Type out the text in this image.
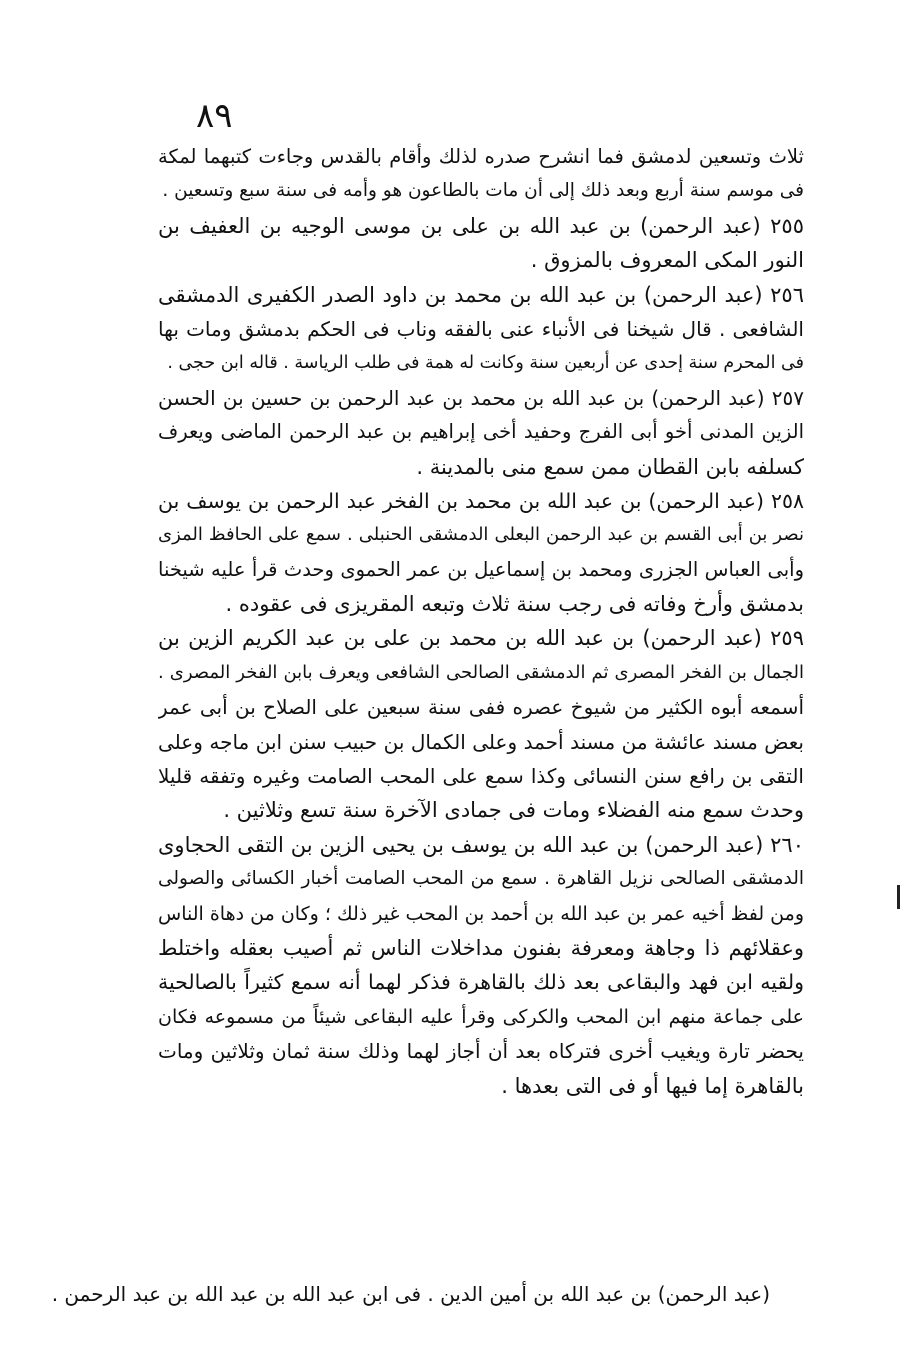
٨٩
ثلاث وتسعين لدمشق فما انشرح صدره لذلك وأقام بالقدس وجاءت كتبهما لمكة
فى موسم سنة أربع وبعد ذلك إلى أن مات بالطاعون هو وأمه فى سنة سبع وتسعين .
٢٥٥ (عبد الرحمن) بن عبد الله بن على بن موسى الوجيه بن العفيف بن
النور المكى المعروف بالمزوق .
٢٥٦ (عبد الرحمن) بن عبد الله بن محمد بن داود الصدر الكفيرى الدمشقى
الشافعى . قال شيخنا فى الأنباء عنى بالفقه وناب فى الحكم بدمشق ومات بها
فى المحرم سنة إحدى عن أربعين سنة وكانت له همة فى طلب الرياسة . قاله ابن حجى .
٢٥٧ (عبد الرحمن) بن عبد الله بن محمد بن عبد الرحمن بن حسين بن الحسن
الزين المدنى أخو أبى الفرج وحفيد أخى إبراهيم بن عبد الرحمن الماضى ويعرف
كسلفه بابن القطان ممن سمع منى بالمدينة .
٢٥٨ (عبد الرحمن) بن عبد الله بن محمد بن الفخر عبد الرحمن بن يوسف بن
نصر بن أبى القسم بن عبد الرحمن البعلى الدمشقى الحنبلى . سمع على الحافظ المزى
وأبى العباس الجزرى ومحمد بن إسماعيل بن عمر الحموى وحدث قرأ عليه شيخنا
بدمشق وأرخ وفاته فى رجب سنة ثلاث وتبعه المقريزى فى عقوده .
٢٥٩ (عبد الرحمن) بن عبد الله بن محمد بن على بن عبد الكريم الزين بن
الجمال بن الفخر المصرى ثم الدمشقى الصالحى الشافعى ويعرف بابن الفخر المصرى .
أسمعه أبوه الكثير من شيوخ عصره ففى سنة سبعين على الصلاح بن أبى عمر
بعض مسند عائشة من مسند أحمد وعلى الكمال بن حبيب سنن ابن ماجه وعلى
التقى بن رافع سنن النسائى وكذا سمع على المحب الصامت وغيره وتفقه قليلا
وحدث سمع منه الفضلاء ومات فى جمادى الآخرة سنة تسع وثلاثين .
٢٦٠ (عبد الرحمن) بن عبد الله بن يوسف بن يحيى الزين بن التقى الحجاوى
الدمشقى الصالحى نزيل القاهرة . سمع من المحب الصامت أخبار الكسائى والصولى
ومن لفظ أخيه عمر بن عبد الله بن أحمد بن المحب غير ذلك ؛ وكان من دهاة الناس
وعقلائهم ذا وجاهة ومعرفة بفنون مداخلات الناس ثم أصيب بعقله واختلط
ولقيه ابن فهد والبقاعى بعد ذلك بالقاهرة فذكر لهما أنه سمع كثيراً بالصالحية
على جماعة منهم ابن المحب والكركى وقرأ عليه البقاعى شيئاً من مسموعه فكان
يحضر تارة ويغيب أخرى فتركاه بعد أن أجاز لهما وذلك سنة ثمان وثلاثين ومات
بالقاهرة إما فيها أو فى التى بعدها .
(عبد الرحمن) بن عبد الله بن أمين الدين . فى ابن عبد الله بن عبد الله بن عبد الرحمن .
